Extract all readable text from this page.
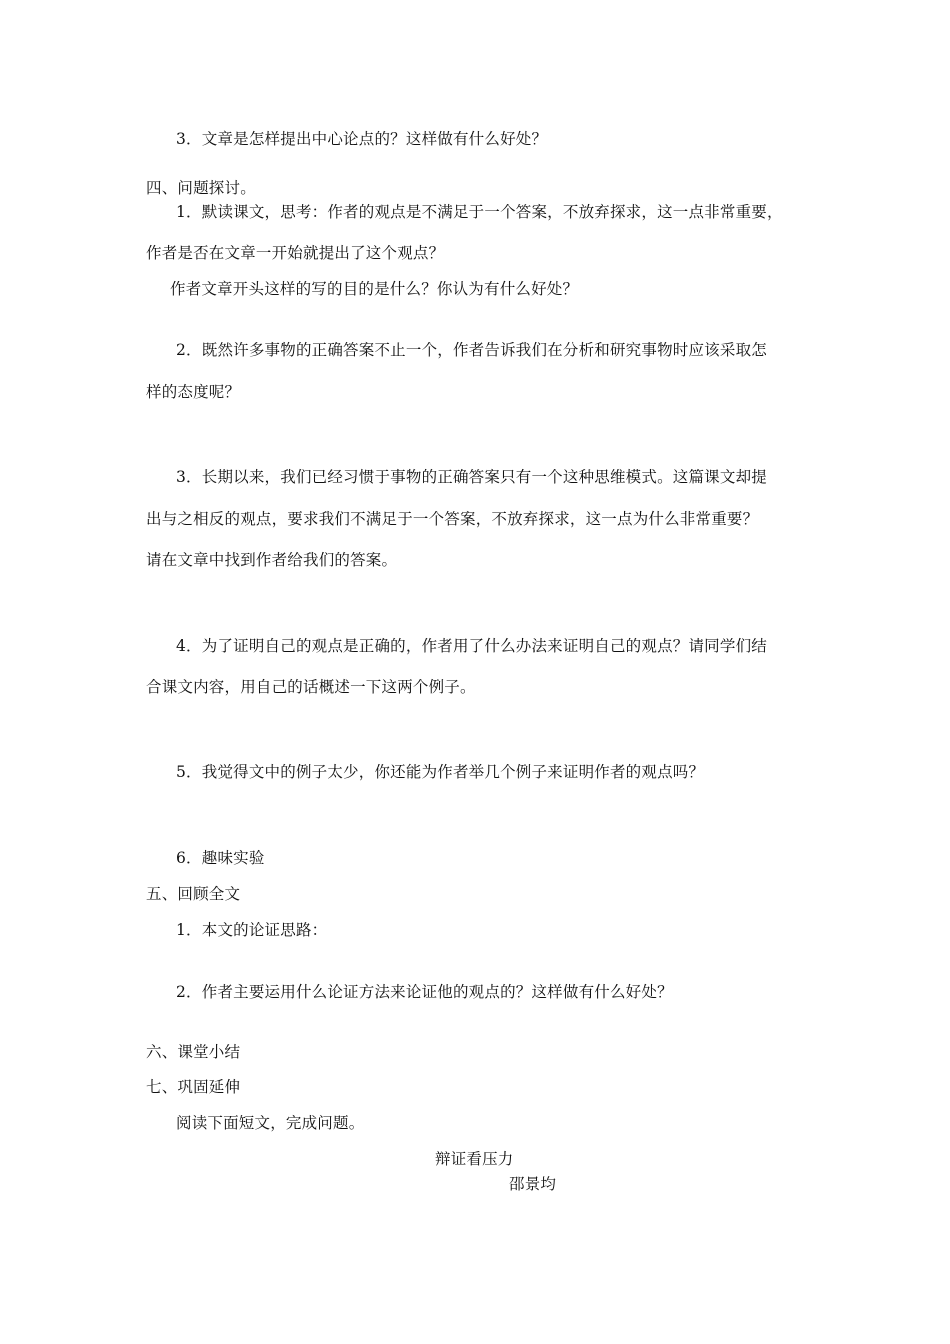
3．文章是怎样提出中心论点的？这样做有什么好处？
四、问题探讨。
1．默读课文，思考：作者的观点是不满足于一个答案，不放弃探求，这一点非常重要，
作者是否在文章一开始就提出了这个观点？
作者文章开头这样的写的目的是什么？你认为有什么好处？
2．既然许多事物的正确答案不止一个，作者告诉我们在分析和研究事物时应该采取怎
样的态度呢？
3．长期以来，我们已经习惯于事物的正确答案只有一个这种思维模式。这篇课文却提
出与之相反的观点，要求我们不满足于一个答案，不放弃探求，这一点为什么非常重要？
请在文章中找到作者给我们的答案。
4．为了证明自己的观点是正确的，作者用了什么办法来证明自己的观点？请同学们结
合课文内容，用自己的话概述一下这两个例子。
5．我觉得文中的例子太少，你还能为作者举几个例子来证明作者的观点吗？
6．趣味实验
五、回顾全文
1．本文的论证思路：
2．作者主要运用什么论证方法来论证他的观点的？这样做有什么好处？
六、课堂小结
七、巩固延伸
阅读下面短文，完成问题。
辩证看压力
邵景均
